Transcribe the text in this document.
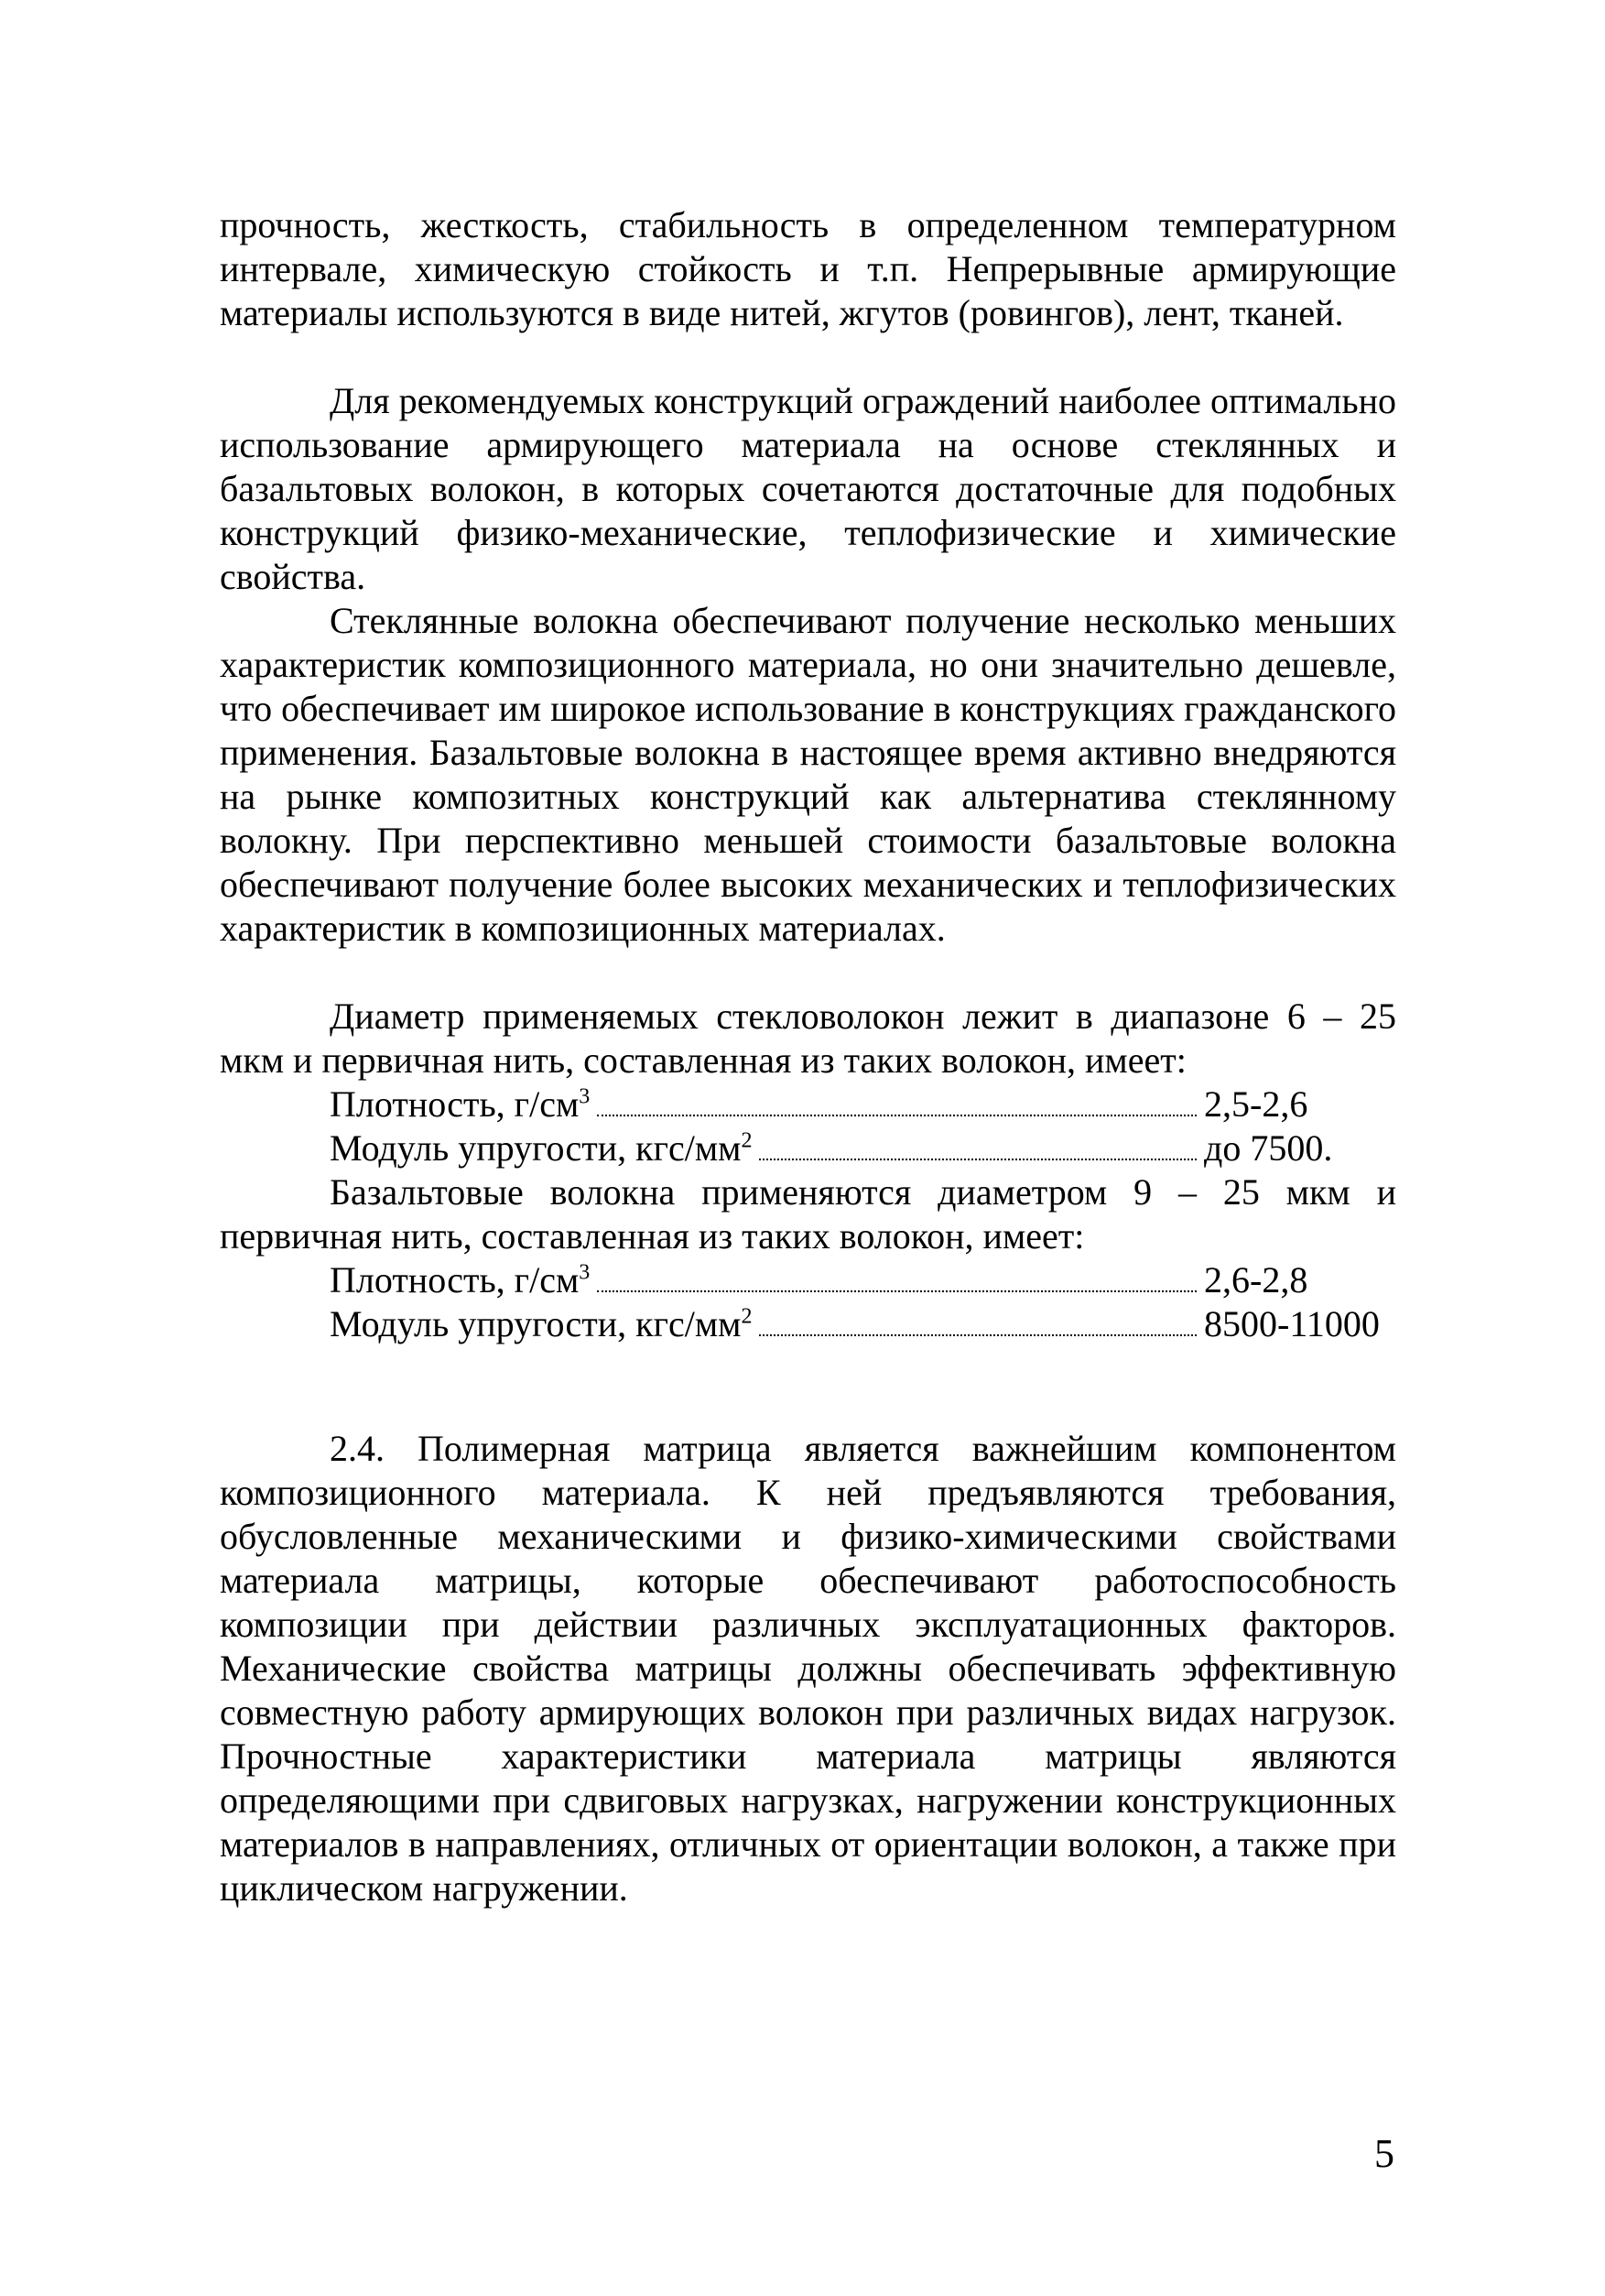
прочность, жесткость, стабильность в определенном температурном интервале, химическую стойкость и т.п. Непрерывные армирующие материалы используются в виде нитей, жгутов (ровингов), лент, тканей.

Для рекомендуемых конструкций ограждений наиболее оптимально использование армирующего материала на основе стеклянных и базальтовых волокон, в которых сочетаются достаточные для подобных конструкций физико-механические, теплофизические и химические свойства.

Стеклянные волокна обеспечивают получение несколько меньших характеристик композиционного материала, но они значительно дешевле, что обеспечивает им широкое использование в конструкциях гражданского применения. Базальтовые волокна в настоящее время активно внедряются на рынке композитных конструкций как альтернатива стеклянному волокну. При перспективно меньшей стоимости базальтовые волокна обеспечивают получение более высоких механических и теплофизических характеристик в композиционных материалах.

Диаметр применяемых стекловолокон лежит в диапазоне 6 – 25 мкм и первичная нить, составленная из таких волокон, имеет:

Плотность, $г/см^3$	2,5-2,6
Модуль упругости, кгс/$мм^2$	до 7500.

Базальтовые волокна применяются диаметром 9 – 25 мкм и первичная нить, составленная из таких волокон, имеет:

Плотность, $г/см^3$	2,6-2,8
Модуль упругости, кгс/$мм^2$	8500-11000

2.4. Полимерная матрица является важнейшим компонентом композиционного материала. К ней предъявляются требования, обусловленные механическими и физико-химическими свойствами материала матрицы, которые обеспечивают работоспособность композиции при действии различных эксплуатационных факторов. Механические свойства матрицы должны обеспечивать эффективную совместную работу армирующих волокон при различных видах нагрузок. Прочностные характеристики материала матрицы являются определяющими при сдвиговых нагрузках, нагружении конструкционных материалов в направлениях, отличных от ориентации волокон, а также при циклическом нагружении.

5
